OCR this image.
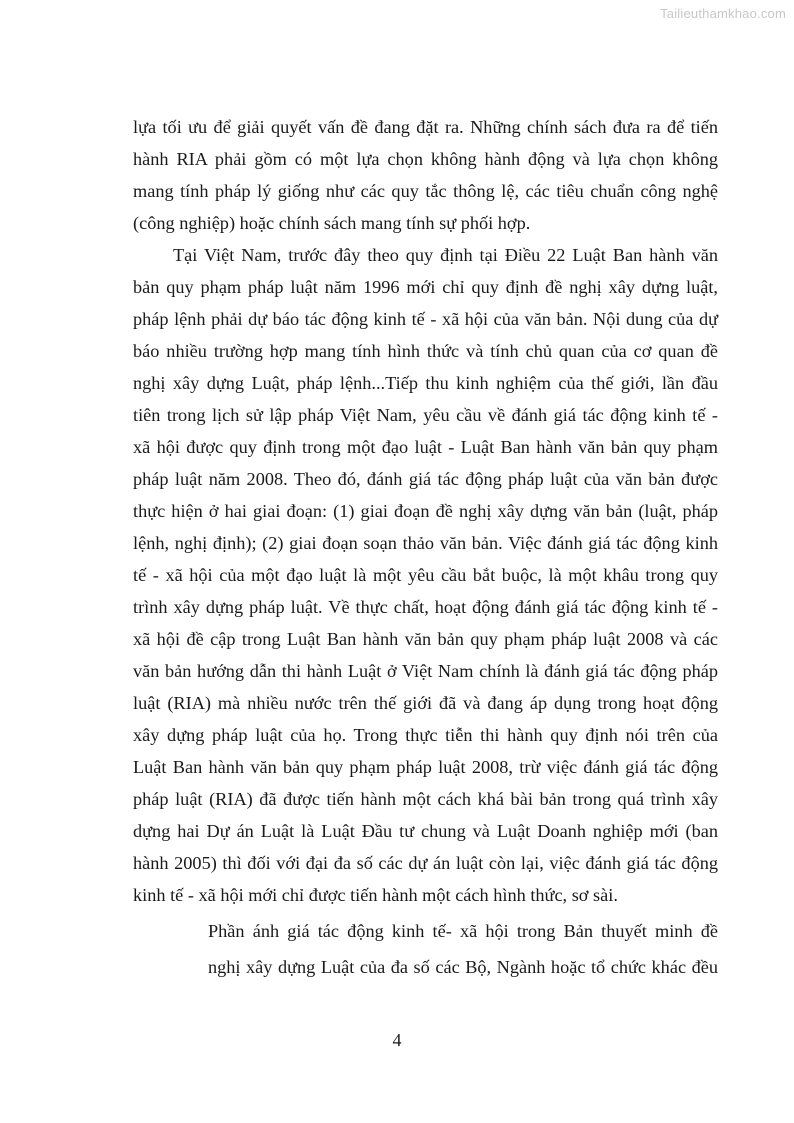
Tailieuthamkhao.com
lựa tối ưu để giải quyết vấn đề đang đặt ra. Những chính sách đưa ra để tiến
hành RIA phải gồm có một lựa chọn không hành động và lựa chọn không
mang tính pháp lý giống như các quy tắc thông lệ, các tiêu chuẩn công nghệ
(công nghiệp) hoặc chính sách mang tính sự phối hợp.
Tại Việt Nam, trước đây theo quy định tại Điều 22 Luật Ban hành văn
bản quy phạm pháp luật năm 1996 mới chỉ quy định đề nghị xây dựng luật,
pháp lệnh phải dự báo tác động kinh tế - xã hội của văn bản. Nội dung của dự
báo nhiều trường hợp mang tính hình thức và tính chủ quan của cơ quan đề
nghị xây dựng Luật, pháp lệnh...Tiếp thu kinh nghiệm của thế giới, lần đầu
tiên trong lịch sử lập pháp Việt Nam, yêu cầu về đánh giá tác động kinh tế -
xã hội được quy định trong một đạo luật - Luật Ban hành văn bản quy phạm
pháp luật năm 2008. Theo đó, đánh giá tác động pháp luật của văn bản được
thực hiện ở hai giai đoạn: (1) giai đoạn đề nghị xây dựng văn bản (luật, pháp
lệnh, nghị định); (2) giai đoạn soạn thảo văn bản. Việc đánh giá tác động kinh
tế - xã hội của một đạo luật là một yêu cầu bắt buộc, là một khâu trong quy
trình xây dựng pháp luật. Về thực chất, hoạt động đánh giá tác động kinh tế -
xã hội đề cập trong Luật Ban hành văn bản quy phạm pháp luật 2008 và các
văn bản hướng dẫn thi hành Luật ở Việt Nam chính là đánh giá tác động pháp
luật (RIA) mà nhiều nước trên thế giới đã và đang áp dụng trong hoạt động
xây dựng pháp luật của họ. Trong thực tiễn thi hành quy định nói trên của
Luật Ban hành văn bản quy phạm pháp luật 2008, trừ việc đánh giá tác động
pháp luật (RIA) đã được tiến hành một cách khá bài bản trong quá trình xây
dựng hai Dự án Luật là Luật Đầu tư chung và Luật Doanh nghiệp mới (ban
hành 2005) thì đối với đại đa số các dự án luật còn lại, việc đánh giá tác động
kinh tế - xã hội mới chỉ được tiến hành một cách hình thức, sơ sài.
Phần ánh giá tác động kinh tế- xã hội trong Bản thuyết minh đề
nghị xây dựng Luật của đa số các Bộ, Ngành hoặc tổ chức khác đều
4
